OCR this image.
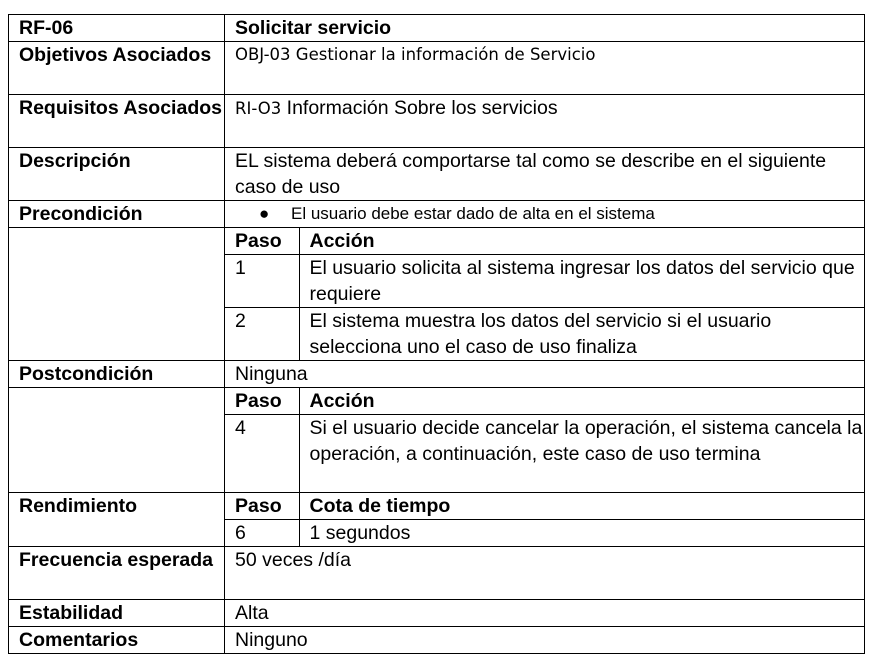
RF-06	Solicitar servicio
Objetivos Asociados	OBJ-03 Gestionar la información de Servicio
Requisitos Asociados	RI-O3 Información Sobre los servicios
Descripción	EL sistema deberá comportarse tal como se describe en el siguiente caso de uso
Precondición	● El usuario debe estar dado de alta en el sistema

Paso	Acción
1	El usuario solicita al sistema ingresar los datos del servicio que requiere
2	El sistema muestra los datos del servicio si el usuario selecciona uno el caso de uso finaliza

Postcondición	Ninguna

Paso	Acción
4	Si el usuario decide cancelar la operación, el sistema cancela la operación, a continuación, este caso de uso termina

Rendimiento		Paso	Cota de tiempo
6	1 segundos

Frecuencia esperada	50 veces /día
Estabilidad	Alta
Comentarios	Ninguno
